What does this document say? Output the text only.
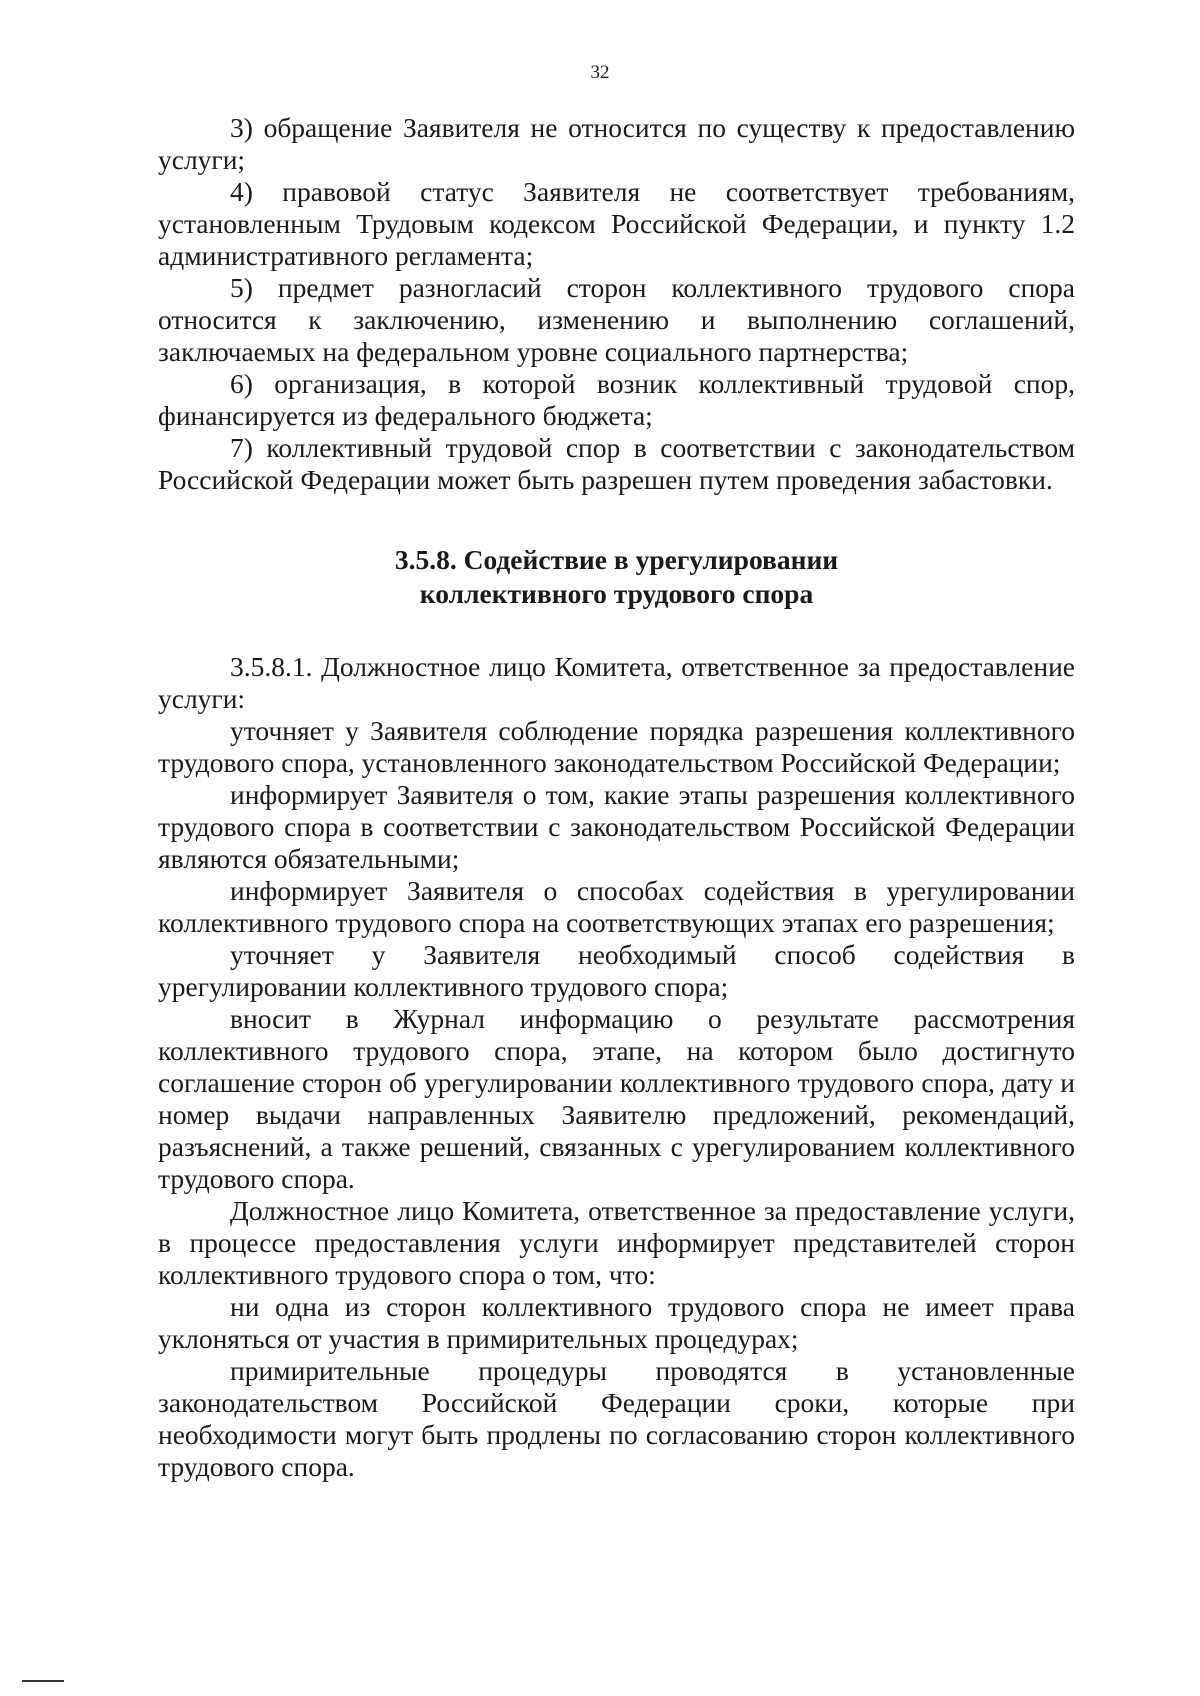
32

3) обращение Заявителя не относится по существу к предоставлению услуги;

4) правовой статус Заявителя не соответствует требованиям, установленным Трудовым кодексом Российской Федерации, и пункту 1.2 административного регламента;

5) предмет разногласий сторон коллективного трудового спора относится к заключению, изменению и выполнению соглашений, заключаемых на федеральном уровне социального партнерства;

6) организация, в которой возник коллективный трудовой спор, финансируется из федерального бюджета;

7) коллективный трудовой спор в соответствии с законодательством Российской Федерации может быть разрешен путем проведения забастовки.

3.5.8. Содействие в урегулировании
коллективного трудового спора

3.5.8.1. Должностное лицо Комитета, ответственное за предоставление услуги:

уточняет у Заявителя соблюдение порядка разрешения коллективного трудового спора, установленного законодательством Российской Федерации;

информирует Заявителя о том, какие этапы разрешения коллективного трудового спора в соответствии с законодательством Российской Федерации являются обязательными;

информирует Заявителя о способах содействия в урегулировании коллективного трудового спора на соответствующих этапах его разрешения;

уточняет у Заявителя необходимый способ содействия в урегулировании коллективного трудового спора;

вносит в Журнал информацию о результате рассмотрения коллективного трудового спора, этапе, на котором было достигнуто соглашение сторон об урегулировании коллективного трудового спора, дату и номер выдачи направленных Заявителю предложений, рекомендаций, разъяснений, а также решений, связанных с урегулированием коллективного трудового спора.

Должностное лицо Комитета, ответственное за предоставление услуги, в процессе предоставления услуги информирует представителей сторон коллективного трудового спора о том, что:

ни одна из сторон коллективного трудового спора не имеет права уклоняться от участия в примирительных процедурах;

примирительные процедуры проводятся в установленные законодательством Российской Федерации сроки, которые при необходимости могут быть продлены по согласованию сторон коллективного трудового спора.
